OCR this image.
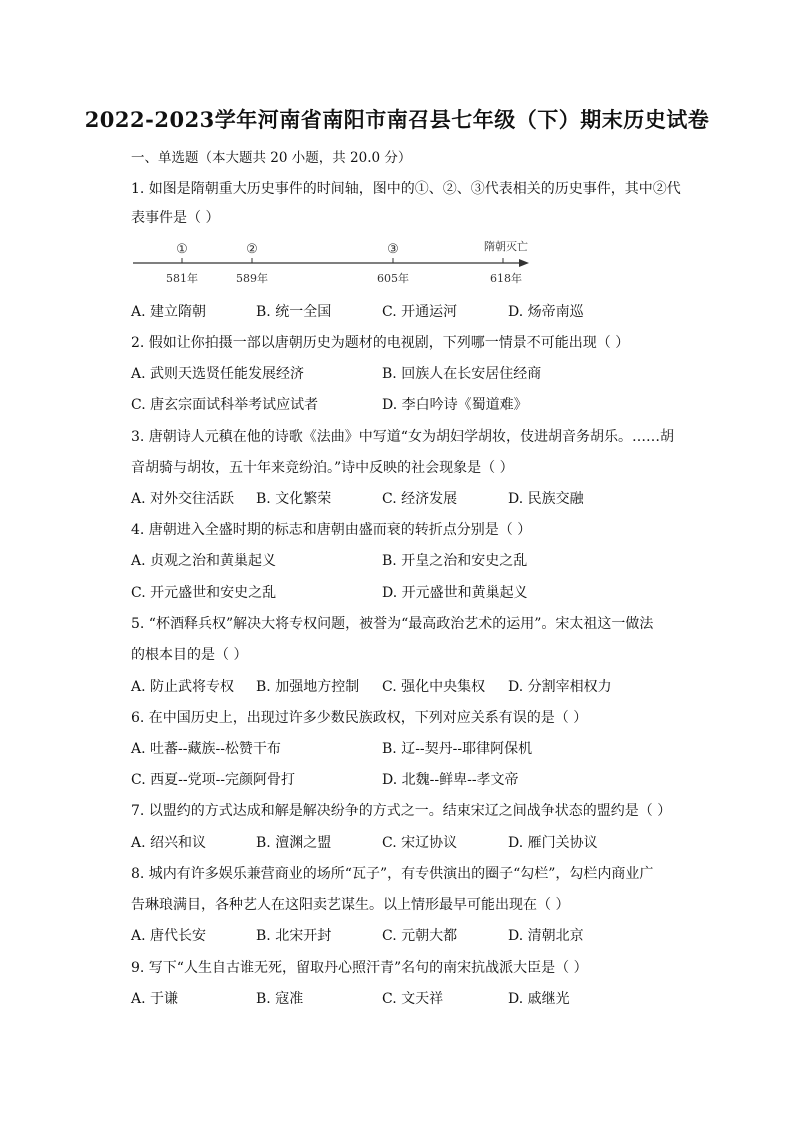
2022-2023学年河南省南阳市南召县七年级（下）期末历史试卷
一、单选题（本大题共 20 小题，共 20.0 分）
1. 如图是隋朝重大历史事件的时间轴，图中的①、②、③代表相关的历史事件，其中②代
表事件是（ ）
①	②	③	隋朝灭亡
581年	589年	605年	618年
A. 建立隋朝	B. 统一全国	C. 开通运河	D. 炀帝南巡
2. 假如让你拍摄一部以唐朝历史为题材的电视剧，下列哪一情景不可能出现（ ）
A. 武则天选贤任能发展经济	B. 回族人在长安居住经商
C. 唐玄宗面试科举考试应试者	D. 李白吟诗《蜀道难》
3. 唐朝诗人元稹在他的诗歌《法曲》中写道“女为胡妇学胡妆，伎进胡音务胡乐。……胡
音胡骑与胡妆，五十年来竞纷泊。”诗中反映的社会现象是（ ）
A. 对外交往活跃 B. 文化繁荣	C. 经济发展	D. 民族交融
4. 唐朝进入全盛时期的标志和唐朝由盛而衰的转折点分别是（ ）
A. 贞观之治和黄巢起义	B. 开皇之治和安史之乱
C. 开元盛世和安史之乱	D. 开元盛世和黄巢起义
5. “杯酒释兵权”解决大将专权问题，被誉为“最高政治艺术的运用”。宋太祖这一做法
的根本目的是（ ）
A. 防止武将专权 B. 加强地方控制 C. 强化中央集权 D. 分割宰相权力
6. 在中国历史上，出现过许多少数民族政权，下列对应关系有误的是（ ）
A. 吐蕃--藏族--松赞干布	B. 辽--契丹--耶律阿保机
C. 西夏--党项--完颜阿骨打	D. 北魏--鲜卑--孝文帝
7. 以盟约的方式达成和解是解决纷争的方式之一。结束宋辽之间战争状态的盟约是（ ）
A. 绍兴和议	B. 澶渊之盟	C. 宋辽协议	D. 雁门关协议
8. 城内有许多娱乐兼营商业的场所“瓦子”，有专供演出的圈子“勾栏”，勾栏内商业广
告琳琅满目，各种艺人在这阳卖艺谋生。以上情形最早可能出现在（ ）
A. 唐代长安	B. 北宋开封	C. 元朝大都	D. 清朝北京
9. 写下“人生自古谁无死，留取丹心照汗青”名句的南宋抗战派大臣是（ ）
A. 于谦	B. 寇准	C. 文天祥	D. 戚继光
